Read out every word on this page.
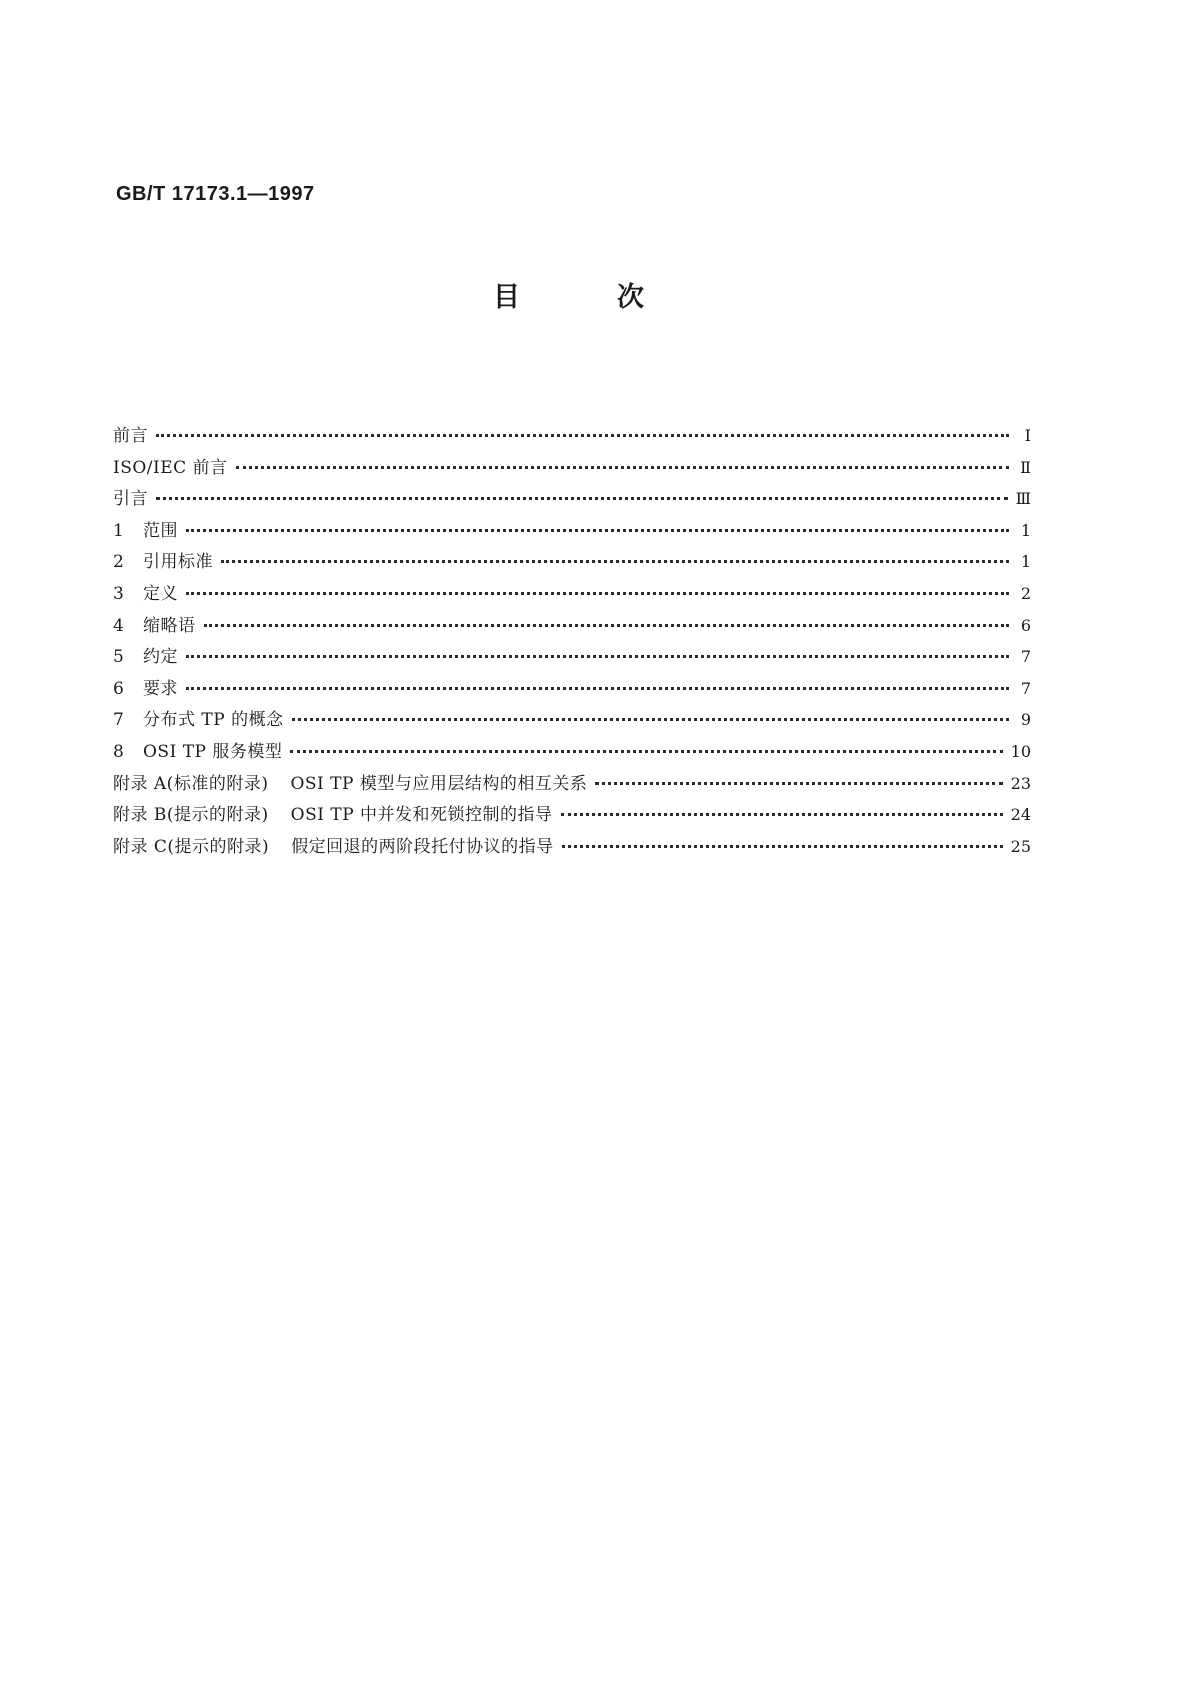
GB/T 17173.1—1997
目	次
前言	Ⅰ
ISO/IEC 前言	Ⅱ
引言	Ⅲ
1	范围	1
2	引用标准	1
3	定义	2
4	缩略语	6
5	约定	7
6	要求	7
7	分布式 TP 的概念	9
8	OSI TP 服务模型	10
附录 A(标准的附录) OSI TP 模型与应用层结构的相互关系	23
附录 B(提示的附录) OSI TP 中并发和死锁控制的指导	24
附录 C(提示的附录) 假定回退的两阶段托付协议的指导	25
